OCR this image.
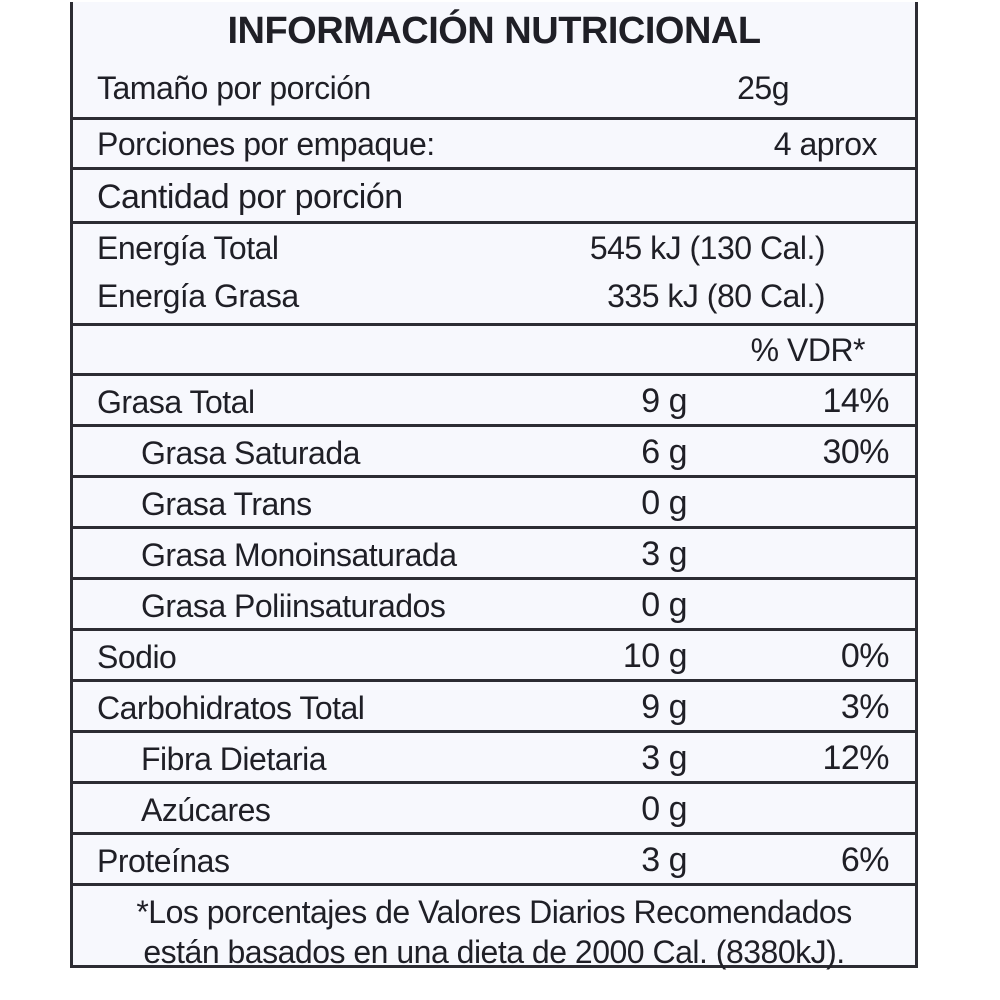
INFORMACIÓN NUTRICIONAL
Tamaño por porción	25g
Porciones por empaque:	4 aprox
Cantidad por porción
Energía Total	545 kJ (130 Cal.)
Energía Grasa	335 kJ (80 Cal.)
% VDR*
Grasa Total	9 g	14%
Grasa Saturada	6 g	30%
Grasa Trans	0 g
Grasa Monoinsaturada	3 g
Grasa Poliinsaturados	0 g
Sodio	10 g	0%
Carbohidratos Total	9 g	3%
Fibra Dietaria	3 g	12%
Azúcares	0 g
Proteínas	3 g	6%
*Los porcentajes de Valores Diarios Recomendados
están basados en una dieta de 2000 Cal. (8380kJ).
